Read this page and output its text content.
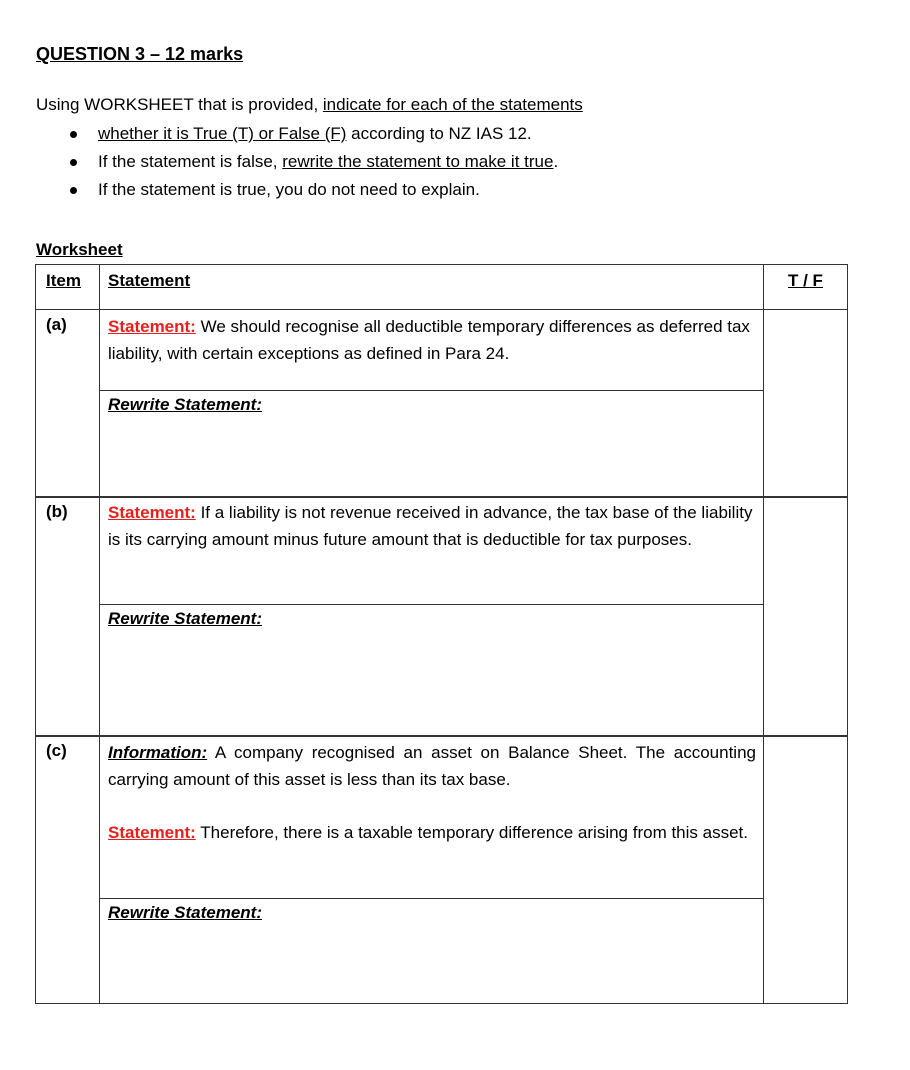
QUESTION 3 – 12 marks
Using WORKSHEET that is provided, indicate for each of the statements
whether it is True (T) or False (F) according to NZ IAS 12.
If the statement is false, rewrite the statement to make it true.
If the statement is true, you do not need to explain.
Worksheet
Item Statement	T / F
(a) Statement: We should recognise all deductible temporary differences as deferred tax liability, with certain exceptions as defined in Para 24.
Rewrite Statement:
(b) Statement: If a liability is not revenue received in advance, the tax base of the liability is its carrying amount minus future amount that is deductible for tax purposes.
Rewrite Statement:
(c) Information: A company recognised an asset on Balance Sheet. The accounting carrying amount of this asset is less than its tax base.
Statement: Therefore, there is a taxable temporary difference arising from this asset.
Rewrite Statement:
